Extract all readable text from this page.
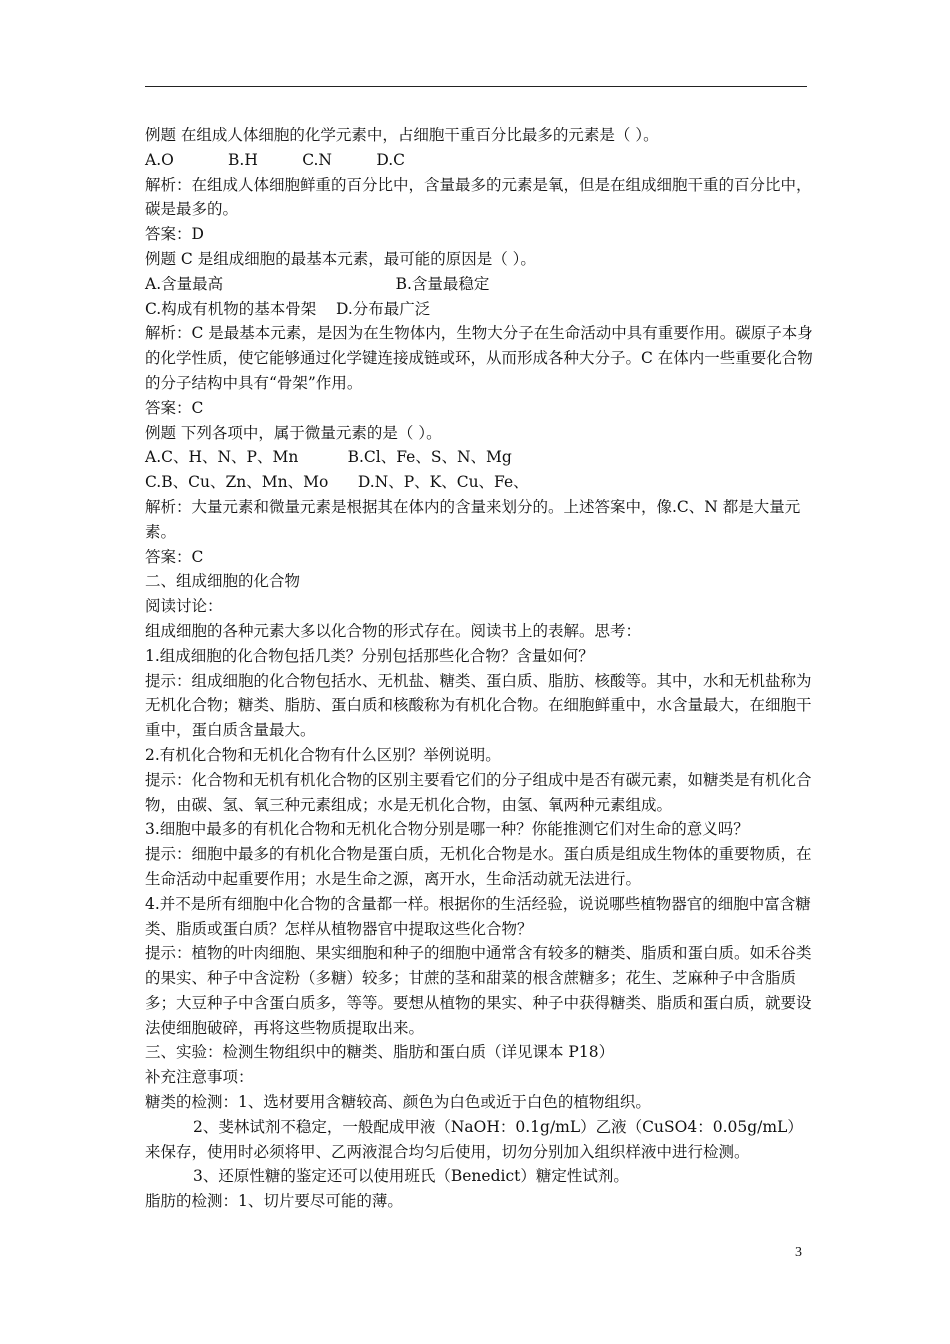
例题 在组成人体细胞的化学元素中，占细胞干重百分比最多的元素是（ ）。

A.O           B.H         C.N         D.C

解析：在组成人体细胞鲜重的百分比中，含量最多的元素是氧，但是在组成细胞干重的百分比中，碳是最多的。

答案：D

例题 C 是组成细胞的最基本元素，最可能的原因是（ ）。

A.含量最高                                   B.含量最稳定

C.构成有机物的基本骨架    D.分布最广泛

解析：C 是最基本元素，是因为在生物体内，生物大分子在生命活动中具有重要作用。碳原子本身的化学性质，使它能够通过化学键连接成链或环，从而形成各种大分子。C 在体内一些重要化合物的分子结构中具有“骨架”作用。

答案：C

例题 下列各项中，属于微量元素的是（ ）。

A.C、H、N、P、Mn          B.Cl、Fe、S、N、Mg

C.B、Cu、Zn、Mn、Mo      D.N、P、K、Cu、Fe、

解析：大量元素和微量元素是根据其在体内的含量来划分的。上述答案中，像.C、N 都是大量元素。

答案：C

二、组成细胞的化合物

阅读讨论：

组成细胞的各种元素大多以化合物的形式存在。阅读书上的表解。思考：

1.组成细胞的化合物包括几类？分别包括那些化合物？含量如何？

提示：组成细胞的化合物包括水、无机盐、糖类、蛋白质、脂肪、核酸等。其中，水和无机盐称为无机化合物；糖类、脂肪、蛋白质和核酸称为有机化合物。在细胞鲜重中，水含量最大，在细胞干重中，蛋白质含量最大。

2.有机化合物和无机化合物有什么区别？举例说明。

提示：化合物和无机有机化合物的区别主要看它们的分子组成中是否有碳元素，如糖类是有机化合物，由碳、氢、氧三种元素组成；水是无机化合物，由氢、氧两种元素组成。

3.细胞中最多的有机化合物和无机化合物分别是哪一种？你能推测它们对生命的意义吗？

提示：细胞中最多的有机化合物是蛋白质，无机化合物是水。蛋白质是组成生物体的重要物质，在生命活动中起重要作用；水是生命之源，离开水，生命活动就无法进行。

4.并不是所有细胞中化合物的含量都一样。根据你的生活经验，说说哪些植物器官的细胞中富含糖类、脂质或蛋白质？怎样从植物器官中提取这些化合物？

提示：植物的叶肉细胞、果实细胞和种子的细胞中通常含有较多的糖类、脂质和蛋白质。如禾谷类的果实、种子中含淀粉（多糖）较多；甘蔗的茎和甜菜的根含蔗糖多；花生、芝麻种子中含脂质多；大豆种子中含蛋白质多，等等。要想从植物的果实、种子中获得糖类、脂质和蛋白质，就要设法使细胞破碎，再将这些物质提取出来。

三、实验：检测生物组织中的糖类、脂肪和蛋白质（详见课本 P18）

补充注意事项：

糖类的检测：1、选材要用含糖较高、颜色为白色或近于白色的植物组织。

2、斐林试剂不稳定，一般配成甲液（NaOH：0.1g/mL）乙液（CuSO4：0.05g/mL）来保存，使用时必须将甲、乙两液混合均匀后使用，切勿分别加入组织样液中进行检测。

3、还原性糖的鉴定还可以使用班氏（Benedict）糖定性试剂。

脂肪的检测：1、切片要尽可能的薄。

3
